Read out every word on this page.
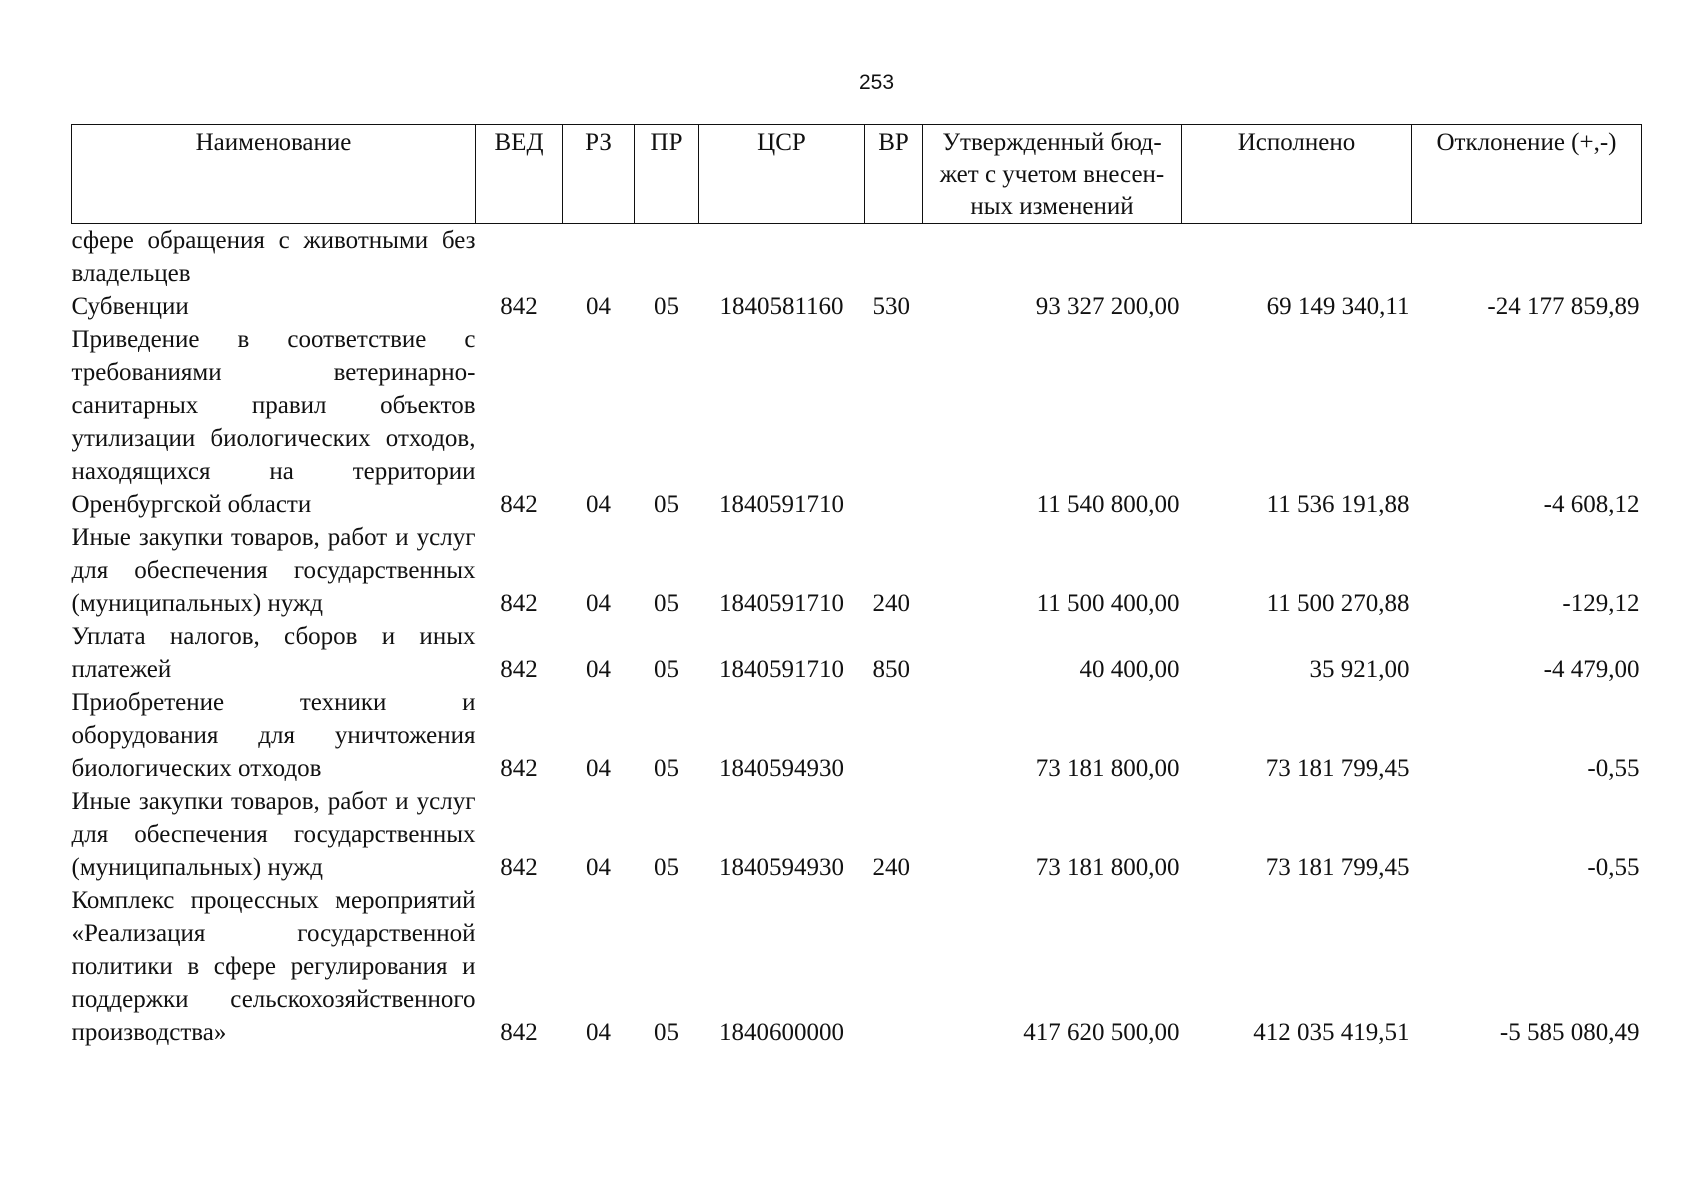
253
Наименование	ВЕД	РЗ	ПР	ЦСР	ВР	Утвержденный бюд-жет с учетом внесен-ных изменений	Исполнено	Отклонение (+,-)
сфере обращения с животными без владельцев								
Субвенции	842	04	05	1840581160	530	93 327 200,00	69 149 340,11	-24 177 859,89
Приведение в соответствие с требованиями ветеринарно-санитарных правил объектов утилизации биологических отходов, находящихся на территории Оренбургской области	842	04	05	1840591710		11 540 800,00	11 536 191,88	-4 608,12
Иные закупки товаров, работ и услуг для обеспечения государственных (муниципальных) нужд	842	04	05	1840591710	240	11 500 400,00	11 500 270,88	-129,12
Уплата налогов, сборов и иных платежей	842	04	05	1840591710	850	40 400,00	35 921,00	-4 479,00
Приобретение техники и оборудования для уничтожения биологических отходов	842	04	05	1840594930		73 181 800,00	73 181 799,45	-0,55
Иные закупки товаров, работ и услуг для обеспечения государственных (муниципальных) нужд	842	04	05	1840594930	240	73 181 800,00	73 181 799,45	-0,55
Комплекс процессных мероприятий «Реализация государственной политики в сфере регулирования и поддержки сельскохозяйственного производства»	842	04	05	1840600000		417 620 500,00	412 035 419,51	-5 585 080,49
